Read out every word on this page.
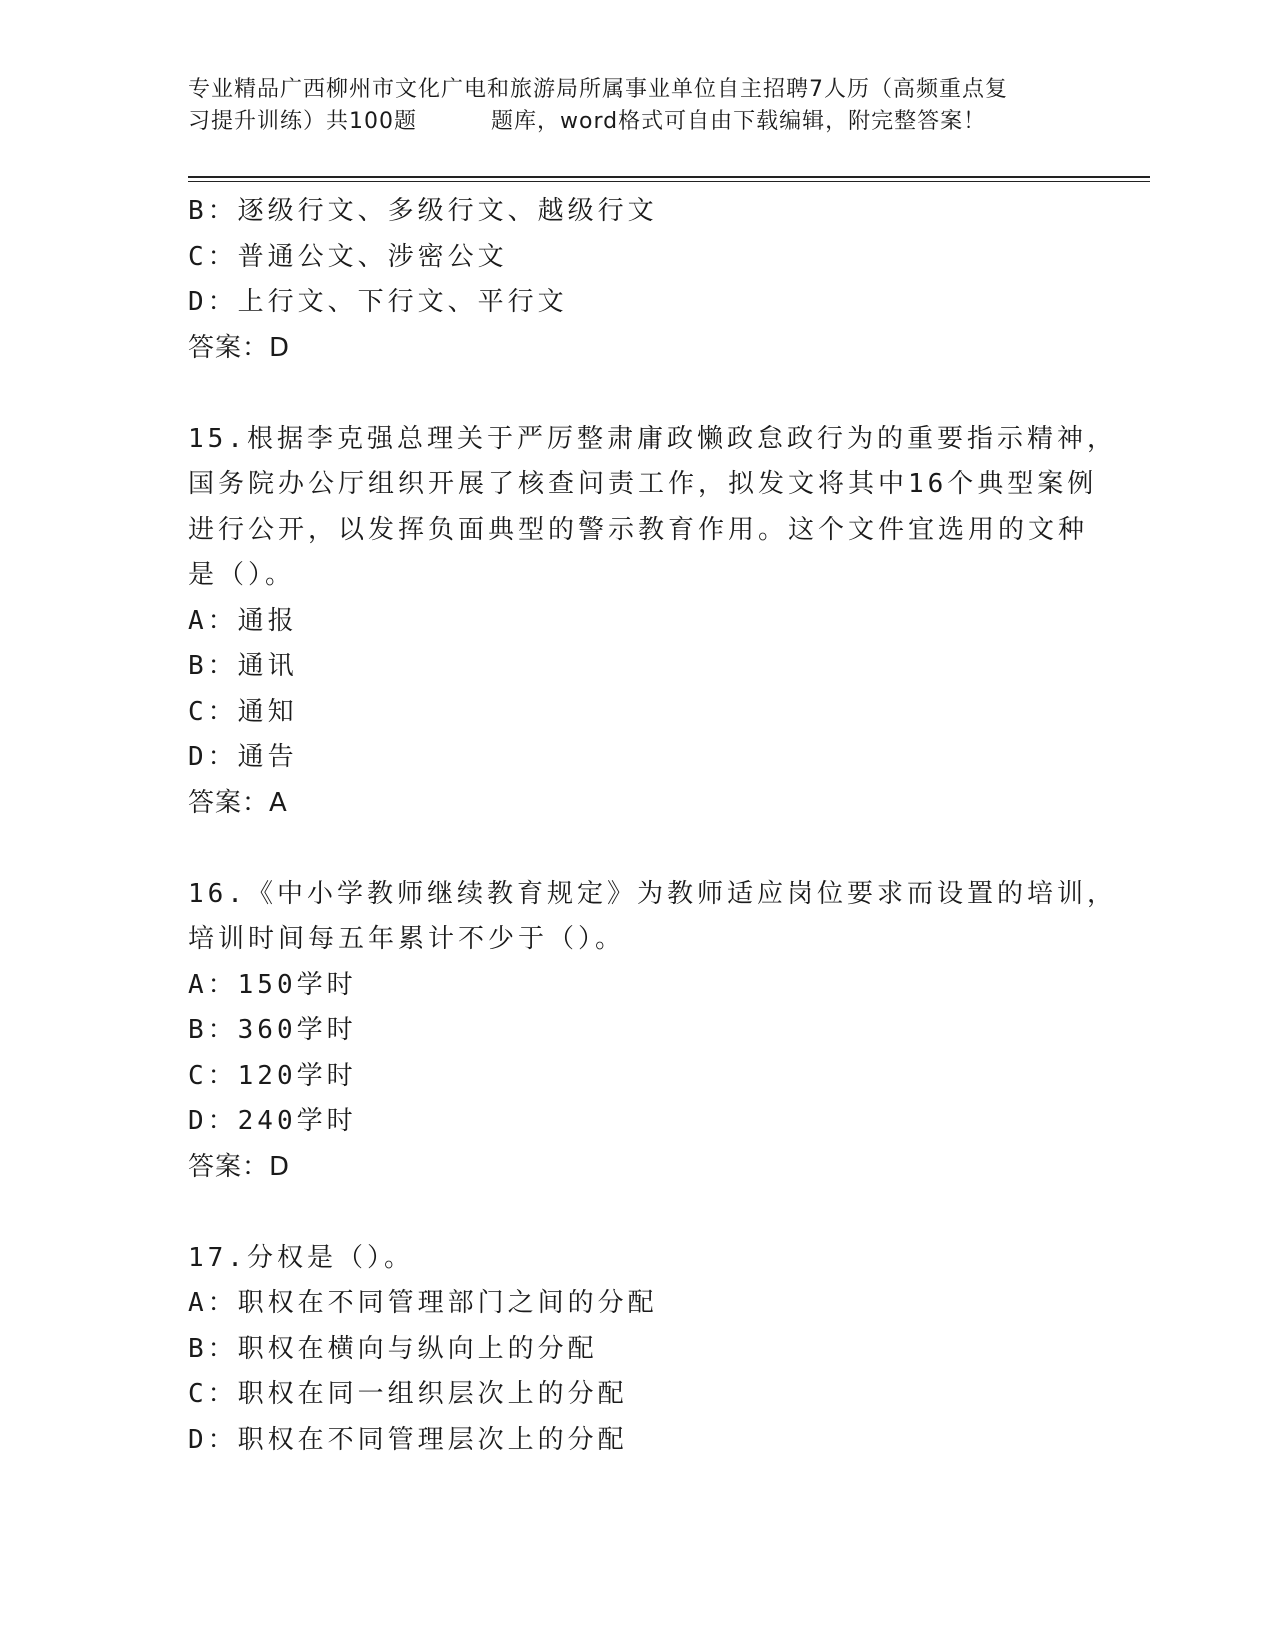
专业精品广西柳州市文化广电和旅游局所属事业单位自主招聘7人历（高频重点复
习提升训练）共100题	题库，word格式可自由下载编辑，附完整答案！
B：逐级行文、多级行文、越级行文
C：普通公文、涉密公文
D：上行文、下行文、平行文
答案：D
15.根据李克强总理关于严厉整肃庸政懒政怠政行为的重要指示精神，
国务院办公厅组织开展了核查问责工作，拟发文将其中16个典型案例
进行公开，以发挥负面典型的警示教育作用。这个文件宜选用的文种
是（）。
A：通报
B：通讯
C：通知
D：通告
答案：A
16.《中小学教师继续教育规定》为教师适应岗位要求而设置的培训，
培训时间每五年累计不少于（）。
A：150学时
B：360学时
C：120学时
D：240学时
答案：D
17.分权是（）。
A：职权在不同管理部门之间的分配
B：职权在横向与纵向上的分配
C：职权在同一组织层次上的分配
D：职权在不同管理层次上的分配
